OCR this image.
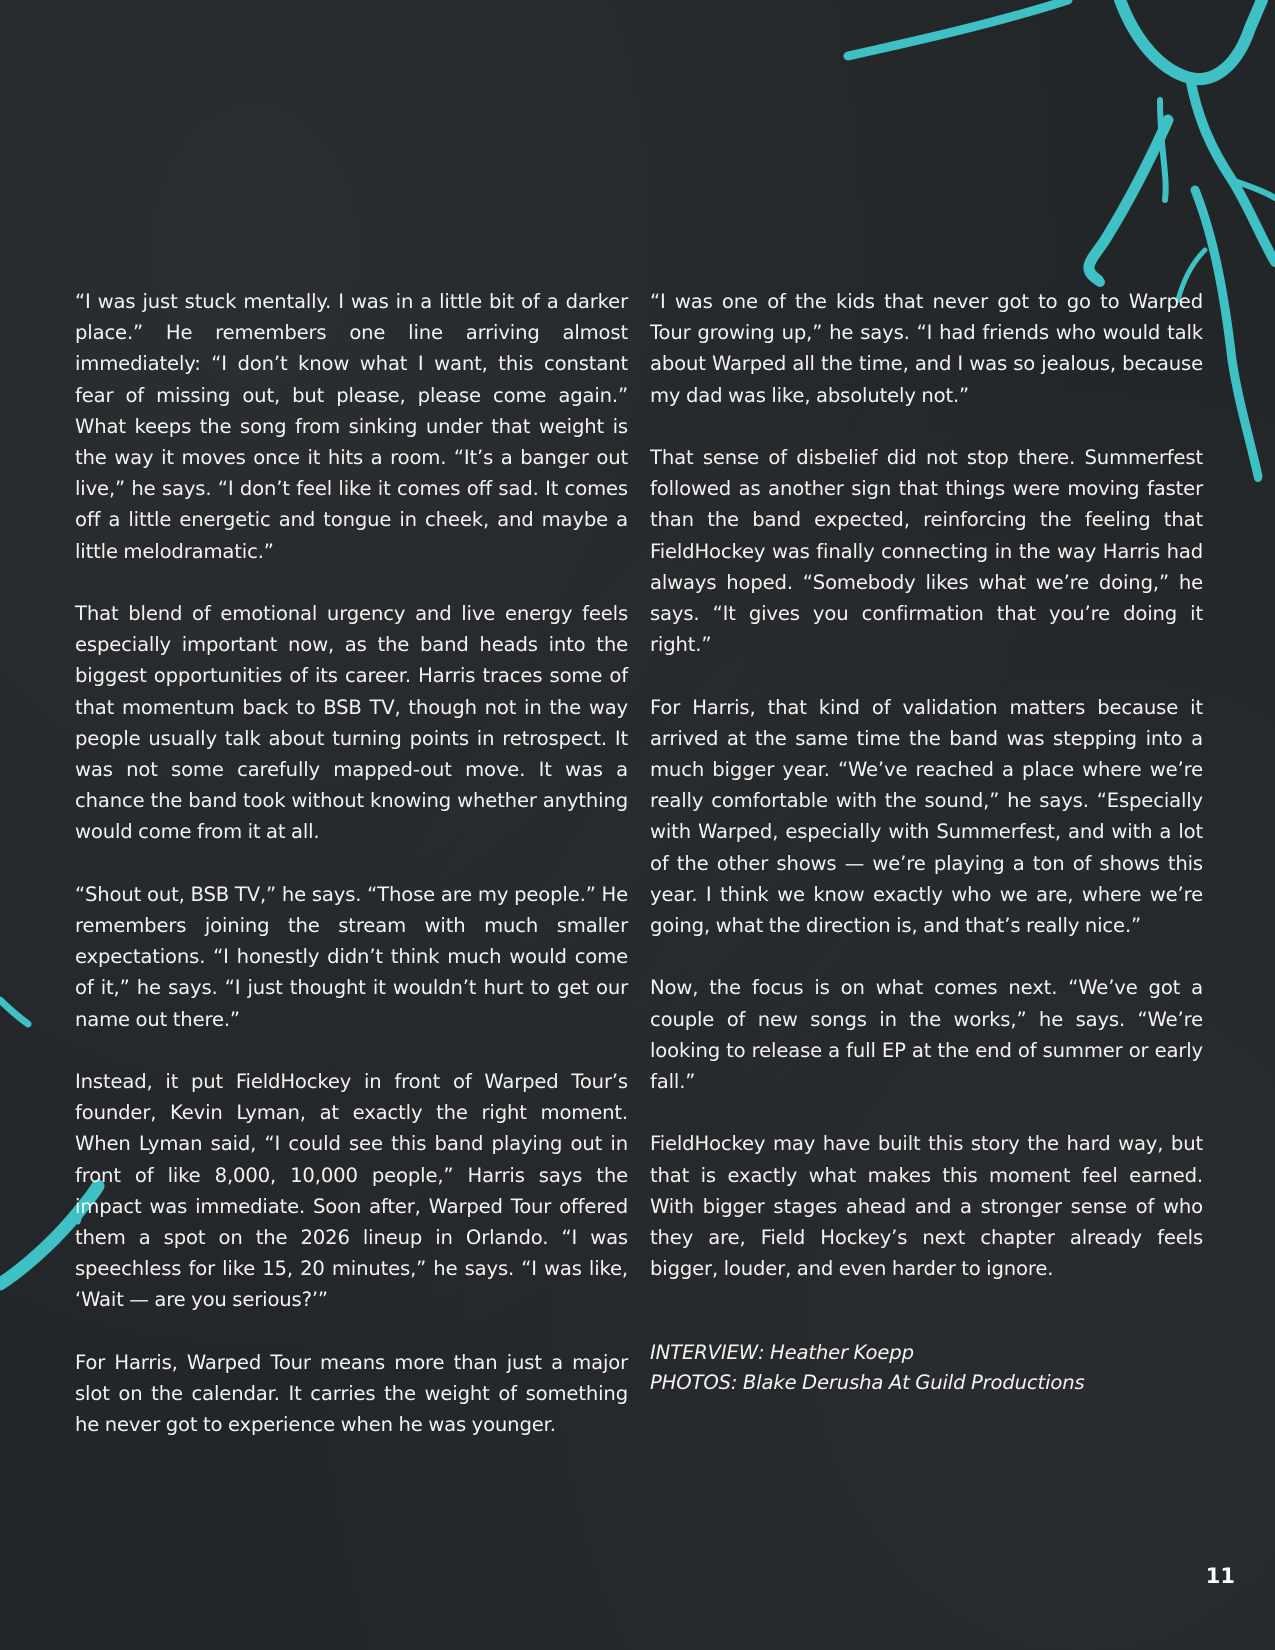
“I was just stuck mentally. I was in a little bit of a darker place.” He remembers one line arriving almost immediately: “I don’t know what I want, this constant fear of missing out, but please, please come again.” What keeps the song from sinking under that weight is the way it moves once it hits a room. “It’s a banger out live,” he says. “I don’t feel like it comes off sad. It comes off a little energetic and tongue in cheek, and maybe a little melodramatic.”

That blend of emotional urgency and live energy feels especially important now, as the band heads into the biggest opportunities of its career. Harris traces some of that momentum back to BSB TV, though not in the way people usually talk about turning points in retrospect. It was not some carefully mapped-out move. It was a chance the band took without knowing whether anything would come from it at all.

“Shout out, BSB TV,” he says. “Those are my people.” He remembers joining the stream with much smaller expectations. “I honestly didn’t think much would come of it,” he says. “I just thought it wouldn’t hurt to get our name out there.”

Instead, it put FieldHockey in front of Warped Tour’s founder, Kevin Lyman, at exactly the right moment. When Lyman said, “I could see this band playing out in front of like 8,000, 10,000 people,” Harris says the impact was immediate. Soon after, Warped Tour offered them a spot on the 2026 lineup in Orlando. “I was speechless for like 15, 20 minutes,” he says. “I was like, ‘Wait — are you serious?’”

For Harris, Warped Tour means more than just a major slot on the calendar. It carries the weight of something he never got to experience when he was younger.

“I was one of the kids that never got to go to Warped Tour growing up,” he says. “I had friends who would talk about Warped all the time, and I was so jealous, because my dad was like, absolutely not.”

That sense of disbelief did not stop there. Summerfest followed as another sign that things were moving faster than the band expected, reinforcing the feeling that FieldHockey was finally connecting in the way Harris had always hoped. “Somebody likes what we’re doing,” he says. “It gives you confirmation that you’re doing it right.”

For Harris, that kind of validation matters because it arrived at the same time the band was stepping into a much bigger year. “We’ve reached a place where we’re really comfortable with the sound,” he says. “Especially with Warped, especially with Summerfest, and with a lot of the other shows — we’re playing a ton of shows this year. I think we know exactly who we are, where we’re going, what the direction is, and that’s really nice.”

Now, the focus is on what comes next. “We’ve got a couple of new songs in the works,” he says. “We’re looking to release a full EP at the end of summer or early fall.”

FieldHockey may have built this story the hard way, but that is exactly what makes this moment feel earned. With bigger stages ahead and a stronger sense of who they are, Field Hockey’s next chapter already feels bigger, louder, and even harder to ignore.

INTERVIEW: Heather Koepp
PHOTOS: Blake Derusha At Guild Productions
11
